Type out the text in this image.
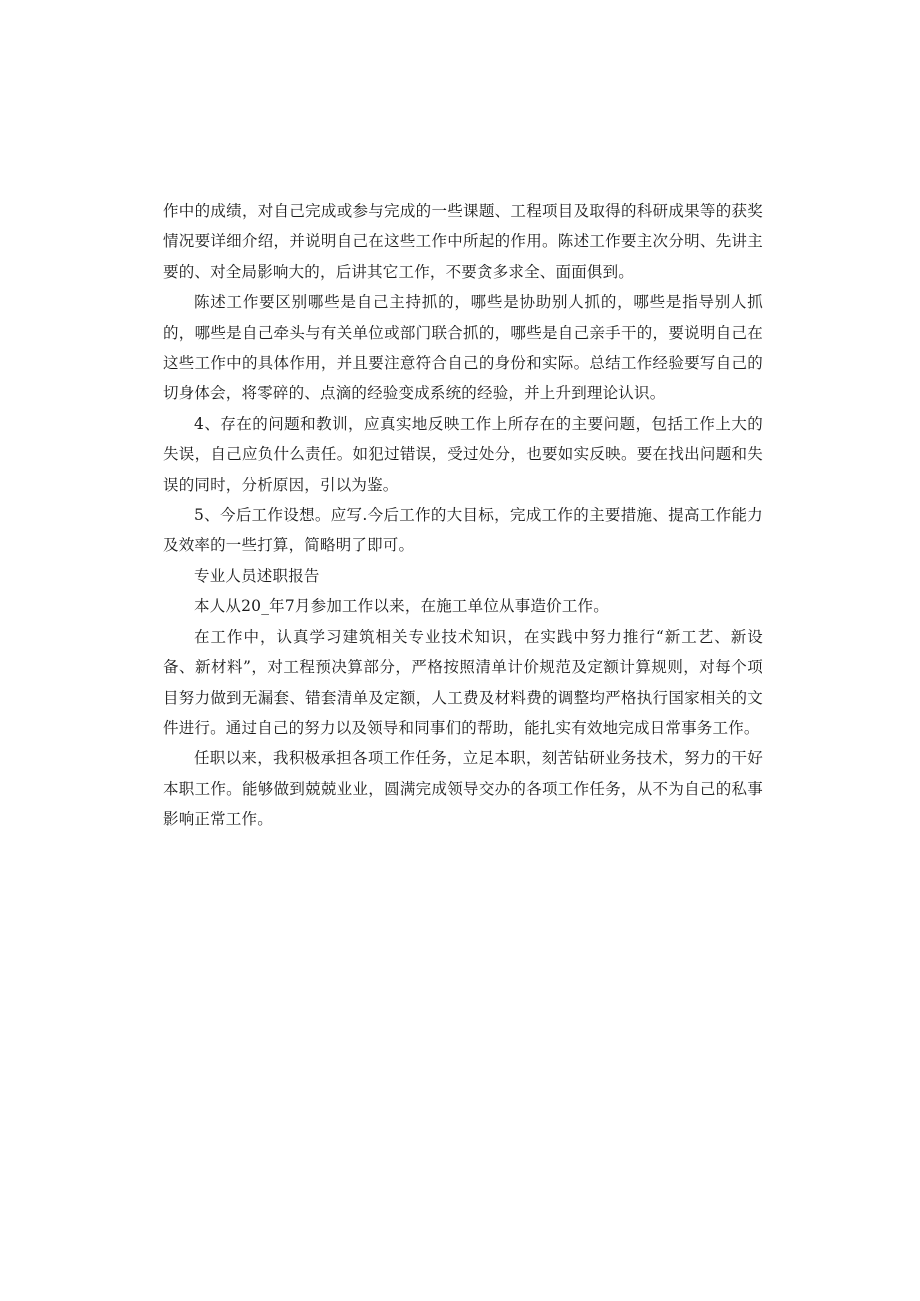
作中的成绩，对自己完成或参与完成的一些课题、工程项目及取得的科研成果等的获奖情况要详细介绍，并说明自己在这些工作中所起的作用。陈述工作要主次分明、先讲主要的、对全局影响大的，后讲其它工作，不要贪多求全、面面俱到。

陈述工作要区别哪些是自己主持抓的，哪些是协助别人抓的，哪些是指导别人抓的，哪些是自己牵头与有关单位或部门联合抓的，哪些是自己亲手干的，要说明自己在这些工作中的具体作用，并且要注意符合自己的身份和实际。总结工作经验要写自己的切身体会，将零碎的、点滴的经验变成系统的经验，并上升到理论认识。

4、存在的问题和教训，应真实地反映工作上所存在的主要问题，包括工作上大的失误，自己应负什么责任。如犯过错误，受过处分，也要如实反映。要在找出问题和失误的同时，分析原因，引以为鉴。

5、今后工作设想。应写.今后工作的大目标，完成工作的主要措施、提高工作能力及效率的一些打算，简略明了即可。

专业人员述职报告

本人从20_年7月参加工作以来，在施工单位从事造价工作。

在工作中，认真学习建筑相关专业技术知识，在实践中努力推行“新工艺、新设备、新材料”，对工程预决算部分，严格按照清单计价规范及定额计算规则，对每个项目努力做到无漏套、错套清单及定额，人工费及材料费的调整均严格执行国家相关的文件进行。通过自己的努力以及领导和同事们的帮助，能扎实有效地完成日常事务工作。

任职以来，我积极承担各项工作任务，立足本职，刻苦钻研业务技术，努力的干好本职工作。能够做到兢兢业业，圆满完成领导交办的各项工作任务，从不为自己的私事影响正常工作。
